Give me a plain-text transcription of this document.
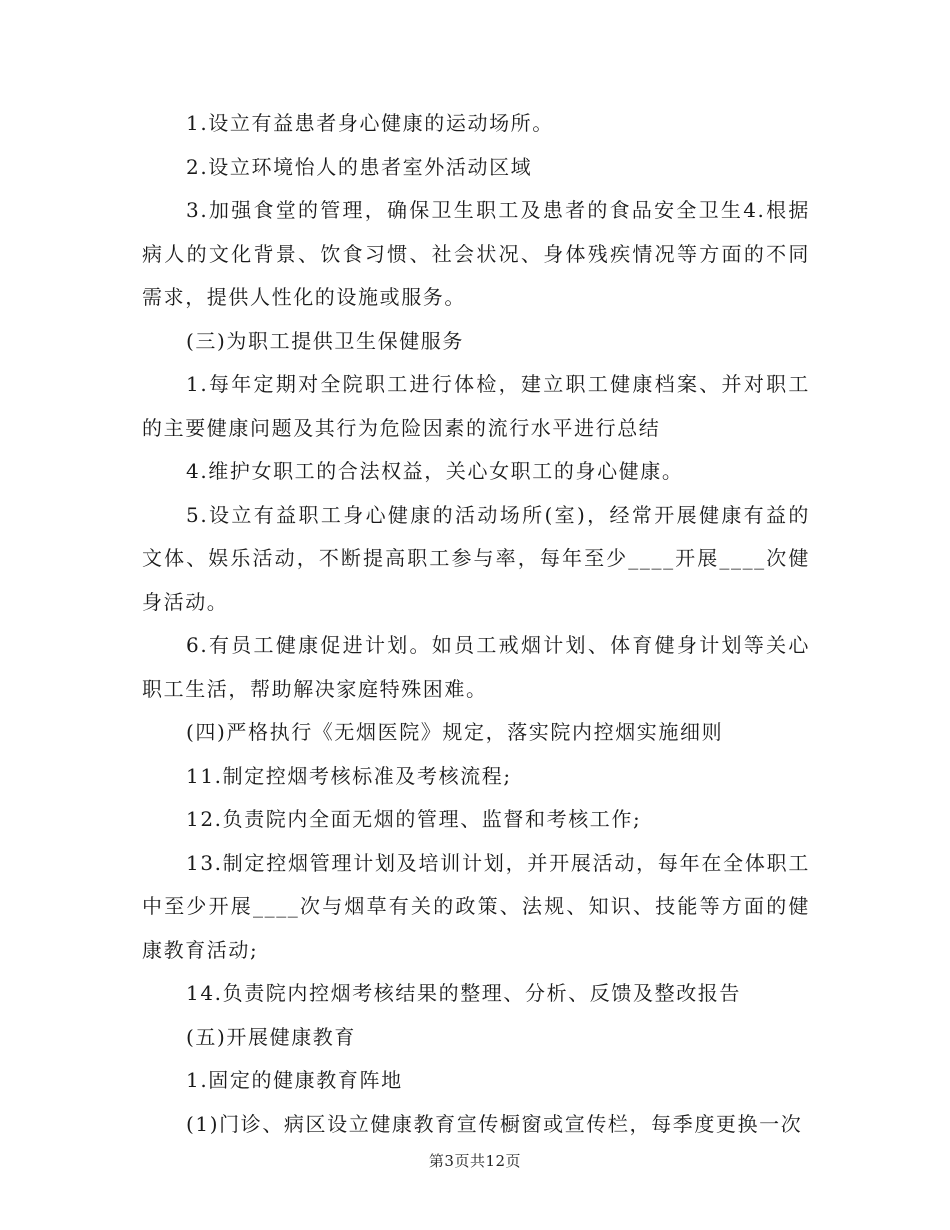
1.设立有益患者身心健康的运动场所。

2.设立环境怡人的患者室外活动区域

3.加强食堂的管理，确保卫生职工及患者的食品安全卫生4.根据病人的文化背景、饮食习惯、社会状况、身体残疾情况等方面的不同需求，提供人性化的设施或服务。

(三)为职工提供卫生保健服务

1.每年定期对全院职工进行体检，建立职工健康档案、并对职工的主要健康问题及其行为危险因素的流行水平进行总结

4.维护女职工的合法权益，关心女职工的身心健康。

5.设立有益职工身心健康的活动场所(室)，经常开展健康有益的文体、娱乐活动，不断提高职工参与率，每年至少____开展____次健身活动。

6.有员工健康促进计划。如员工戒烟计划、体育健身计划等关心职工生活，帮助解决家庭特殊困难。

(四)严格执行《无烟医院》规定，落实院内控烟实施细则

11.制定控烟考核标准及考核流程;

12.负责院内全面无烟的管理、监督和考核工作;

13.制定控烟管理计划及培训计划，并开展活动，每年在全体职工中至少开展____次与烟草有关的政策、法规、知识、技能等方面的健康教育活动;

14.负责院内控烟考核结果的整理、分析、反馈及整改报告

(五)开展健康教育

1.固定的健康教育阵地

(1)门诊、病区设立健康教育宣传橱窗或宣传栏，每季度更换一次

第3页共12页
